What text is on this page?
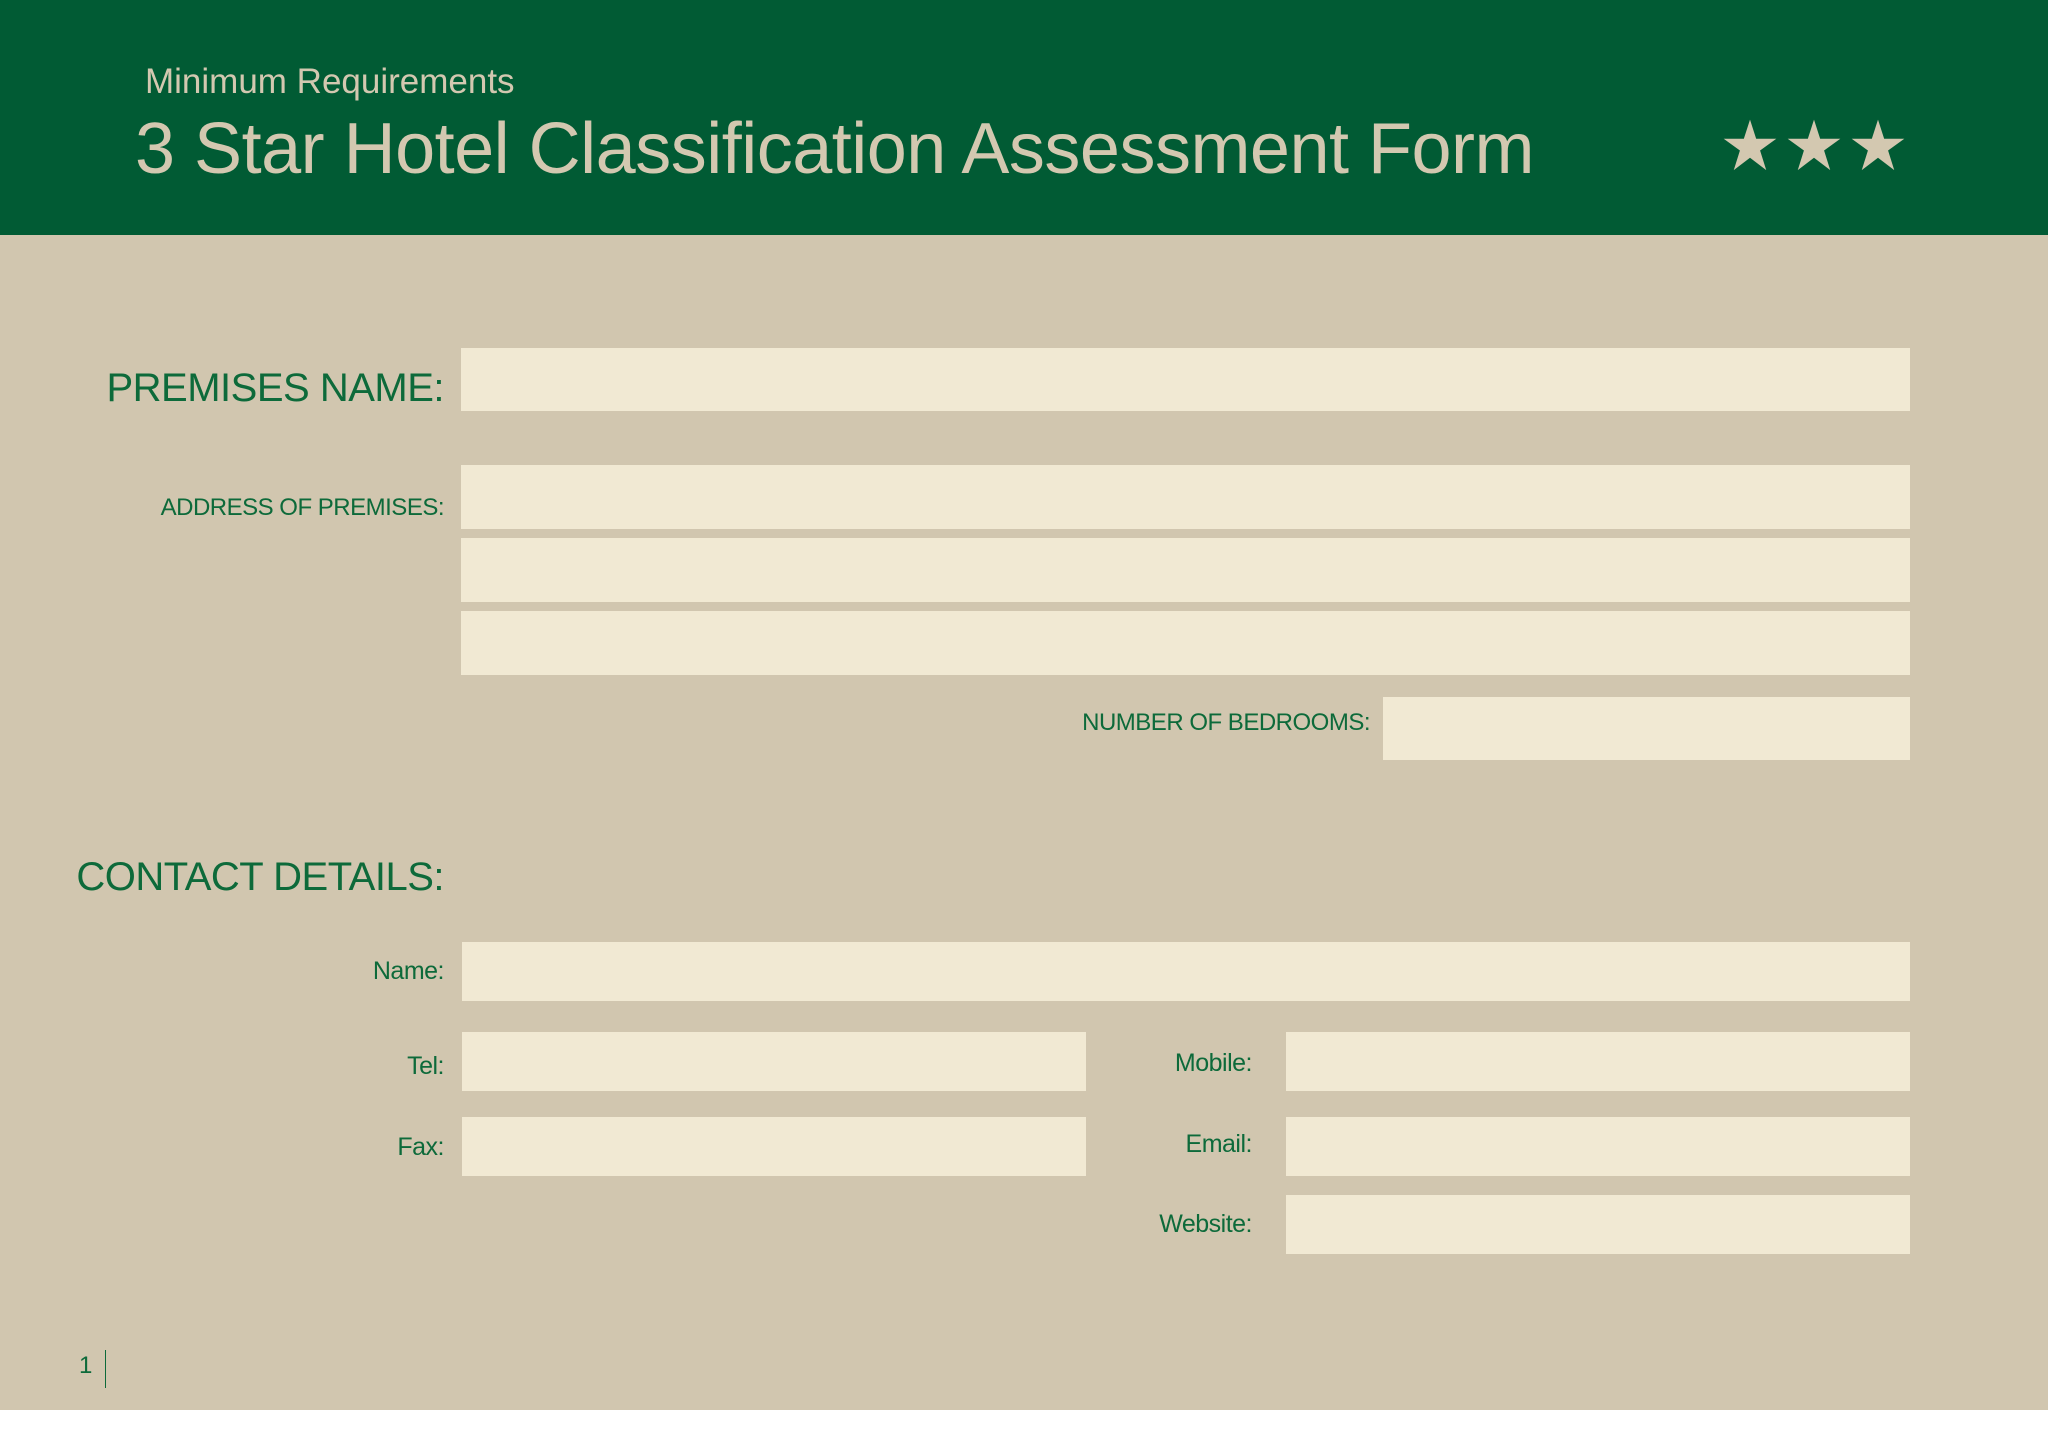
Minimum Requirements
3 Star Hotel Classification Assessment Form
PREMISES NAME:
ADDRESS OF PREMISES:
NUMBER OF BEDROOMS:
CONTACT DETAILS:
Name:
Tel:	Mobile:
Fax:	Email:
Website:
1
